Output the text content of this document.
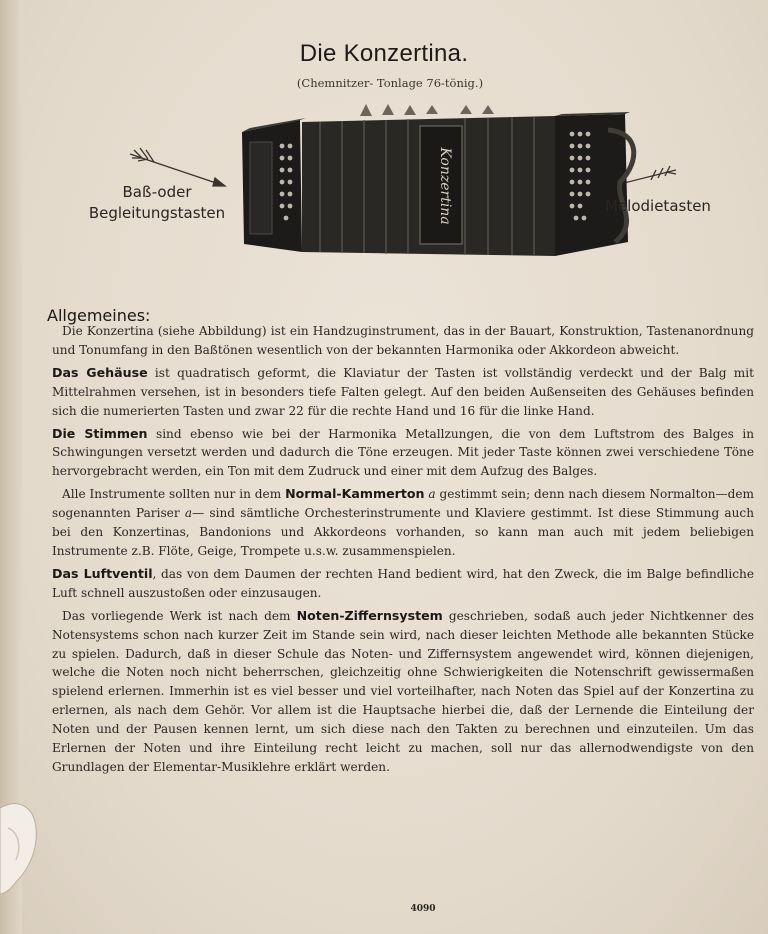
Die Konzertina.
(Chemnitzer- Tonlage 76-tönig.)
Konzertina
Baß-oder
Begleitungstasten	Melodietasten
Allgemeines:

Die Konzertina (siehe Abbildung) ist ein Handzuginstrument, das in der Bauart, Konstruktion, Tastenanordnung und Tonumfang in den Baßtönen wesentlich von der bekannten Harmonika oder Akkordeon abweicht.

Das Gehäuse ist quadratisch geformt, die Klaviatur der Tasten ist vollständig verdeckt und der Balg mit Mittelrahmen versehen, ist in besonders tiefe Falten gelegt. Auf den beiden Außenseiten des Gehäuses befinden sich die numerierten Tasten und zwar 22 für die rechte Hand und 16 für die linke Hand.

Die Stimmen sind ebenso wie bei der Harmonika Metallzungen, die von dem Luftstrom des Balges in Schwingungen versetzt werden und dadurch die Töne erzeugen. Mit jeder Taste können zwei verschiedene Töne hervorgebracht werden, ein Ton mit dem Zudruck und einer mit dem Aufzug des Balges.

Alle Instrumente sollten nur in dem Normal-Kammerton a gestimmt sein; denn nach diesem Normalton—dem sogenannten Pariser a— sind sämtliche Orchesterinstrumente und Klaviere gestimmt. Ist diese Stimmung auch bei den Konzertinas, Bandonions und Akkordeons vorhanden, so kann man auch mit jedem beliebigen Instrumente z.B. Flöte, Geige, Trompete u.s.w. zusammenspielen.

Das Luftventil, das von dem Daumen der rechten Hand bedient wird, hat den Zweck, die im Balge befindliche Luft schnell auszustoßen oder einzusaugen.

Das vorliegende Werk ist nach dem Noten-Ziffernsystem geschrieben, sodaß auch jeder Nichtkenner des Notensystems schon nach kurzer Zeit im Stande sein wird, nach dieser leichten Methode alle bekannten Stücke zu spielen. Dadurch, daß in dieser Schule das Noten- und Ziffernsystem angewendet wird, können diejenigen, welche die Noten noch nicht beherrschen, gleichzeitig ohne Schwierigkeiten die Notenschrift gewissermaßen spielend erlernen. Immerhin ist es viel besser und viel vorteilhafter, nach Noten das Spiel auf der Konzertina zu erlernen, als nach dem Gehör. Vor allem ist die Hauptsache hierbei die, daß der Lernende die Einteilung der Noten und der Pausen kennen lernt, um sich diese nach den Takten zu berechnen und einzuteilen. Um das Erlernen der Noten und ihre Einteilung recht leicht zu machen, soll nur das allernodwendigste von den Grundlagen der Elementar-Musiklehre erklärt werden.

4090
